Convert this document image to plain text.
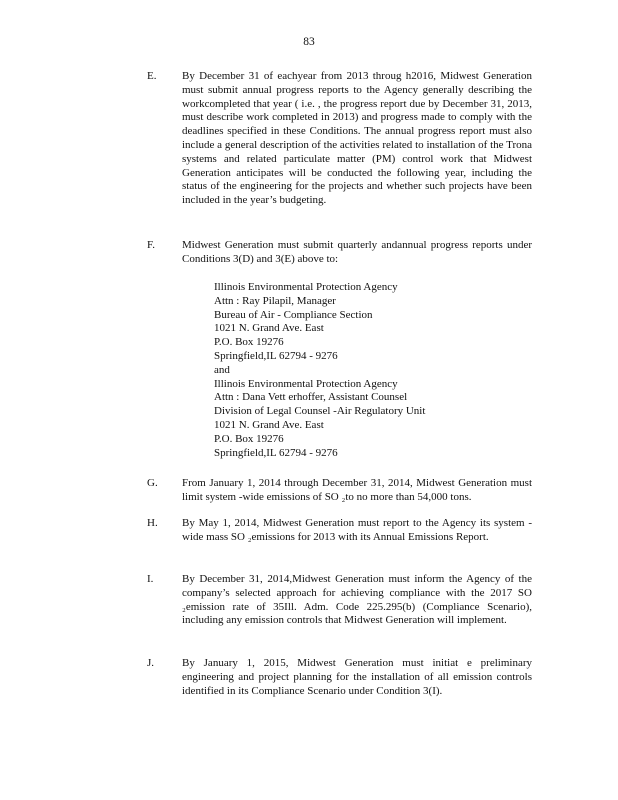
83
E. By December 31 of eachyear from 2013 throug h2016, Midwest Generation must submit annual progress reports to the Agency generally describing the workcompleted that year ( i.e. , the progress report due by December 31, 2013, must describe work completed in 2013) and progress made to comply with the deadlines specified in these Conditions. The annual progress report must also include a general description of the activities related to installation of the Trona systems and related particulate matter (PM) control work that Midwest Generation anticipates will be conducted the following year, including the status of the engineering for the projects and whether such projects have been included in the year’s budgeting.
F. Midwest Generation must submit quarterly andannual progress reports under Conditions 3(D) and 3(E) above to:
Illinois Environmental Protection Agency
Attn : Ray Pilapil, Manager
Bureau of Air - Compliance Section
1021 N. Grand Ave. East
P.O. Box 19276
Springfield,IL 62794 - 9276
and
Illinois Environmental Protection Agency
Attn : Dana Vett erhoffer, Assistant Counsel
Division of Legal Counsel -Air Regulatory Unit
1021 N. Grand Ave. East
P.O. Box 19276
Springfield,IL 62794 - 9276
G. From January 1, 2014 through December 31, 2014, Midwest Generation must limit system -wide emissions of SO ₂to no more than 54,000 tons.
H. By May 1, 2014, Midwest Generation must report to the Agency its system -wide mass SO ₂emissions for 2013 with its Annual Emissions Report.
I.	By December 31, 2014,Midwest Generation must inform the Agency of the company’s selected approach for achieving compliance with the 2017 SO ₂emission rate of 35Ill. Adm. Code 225.295(b) (Compliance Scenario), including any emission controls that Midwest Generation will implement.
J.	By January 1, 2015, Midwest Generation must initiat e preliminary engineering and project planning for the installation of all emission controls identified in its Compliance Scenario under Condition 3(I).
